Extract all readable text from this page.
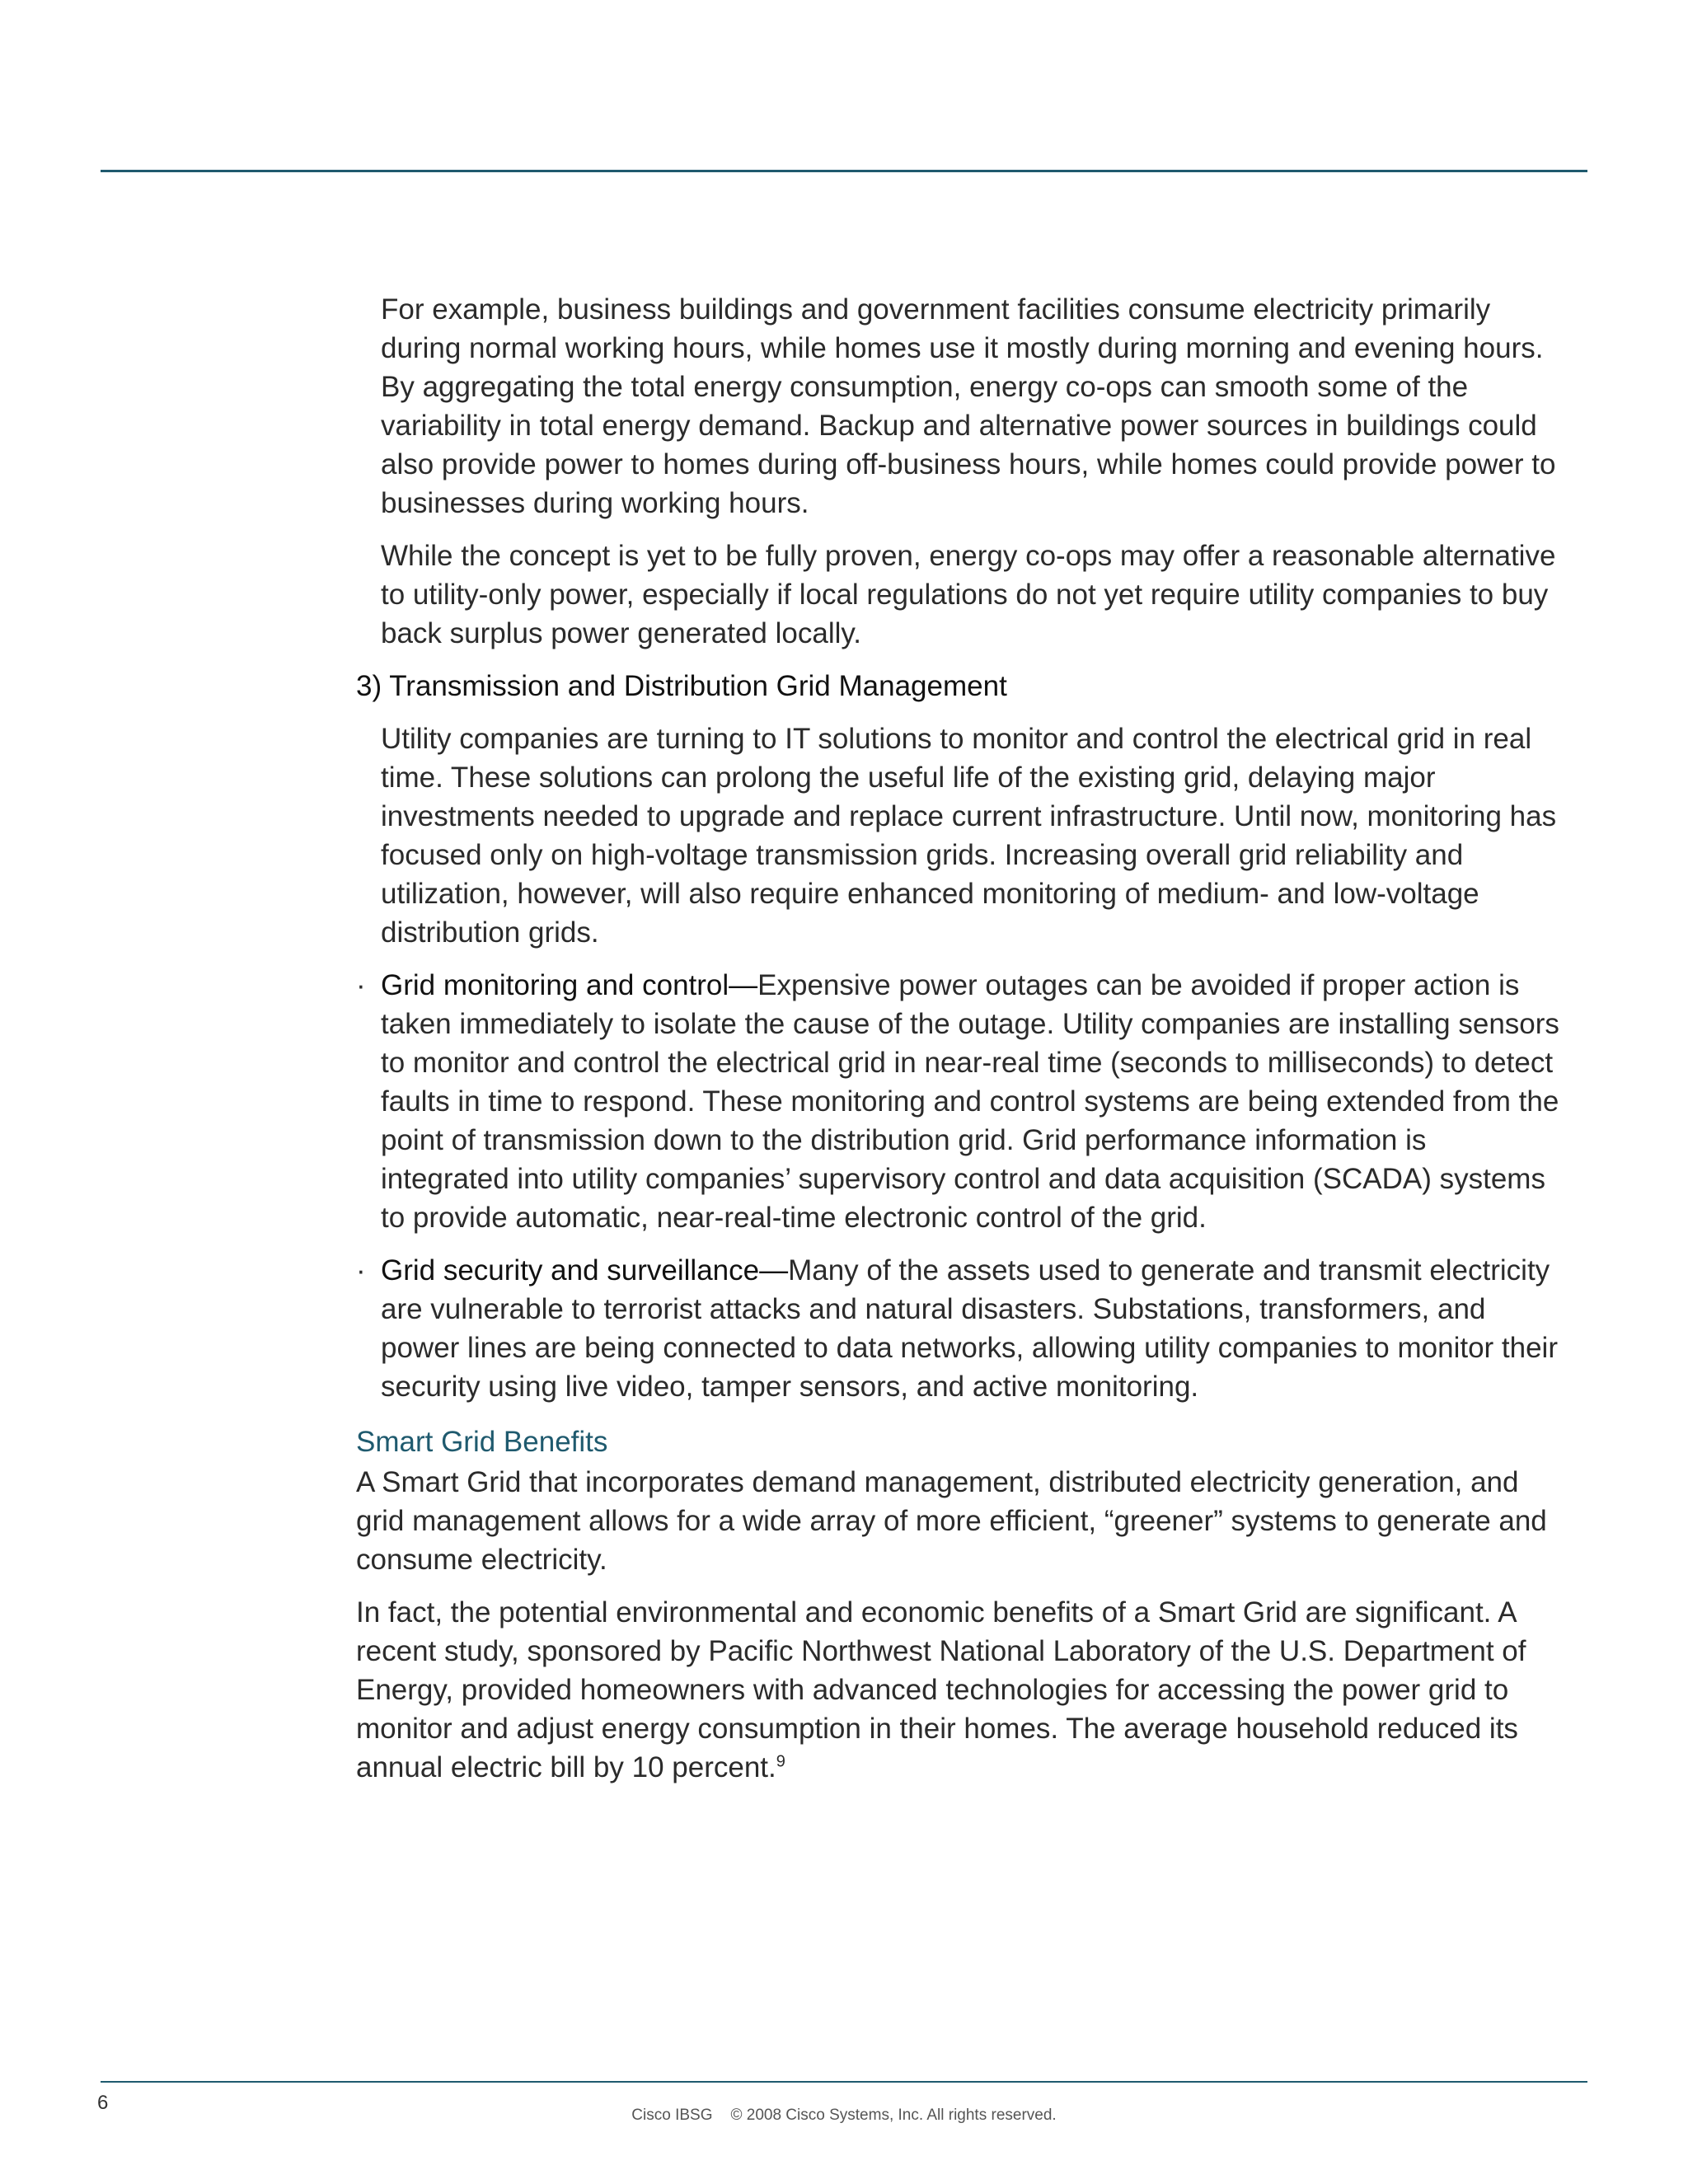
For example, business buildings and government facilities consume electricity primarily during normal working hours, while homes use it mostly during morning and evening hours. By aggregating the total energy consumption, energy co-ops can smooth some of the variability in total energy demand. Backup and alternative power sources in buildings could also provide power to homes during off-business hours, while homes could provide power to businesses during working hours.

While the concept is yet to be fully proven, energy co-ops may offer a reasonable alternative to utility-only power, especially if local regulations do not yet require utility companies to buy back surplus power generated locally.

3) Transmission and Distribution Grid Management

Utility companies are turning to IT solutions to monitor and control the electrical grid in real time. These solutions can prolong the useful life of the existing grid, delaying major investments needed to upgrade and replace current infrastructure. Until now, monitoring has focused only on high-voltage transmission grids. Increasing overall grid reliability and utilization, however, will also require enhanced monitoring of medium- and low-voltage distribution grids.

· Grid monitoring and control—Expensive power outages can be avoided if proper action is taken immediately to isolate the cause of the outage. Utility companies are installing sensors to monitor and control the electrical grid in near-real time (seconds to milliseconds) to detect faults in time to respond. These monitoring and control systems are being extended from the point of transmission down to the distribution grid. Grid performance information is integrated into utility companies’ supervisory control and data acquisition (SCADA) systems to provide automatic, near-real-time electronic control of the grid.

· Grid security and surveillance—Many of the assets used to generate and transmit electricity are vulnerable to terrorist attacks and natural disasters. Substations, transformers, and power lines are being connected to data networks, allowing utility companies to monitor their security using live video, tamper sensors, and active monitoring.

Smart Grid Benefits

A Smart Grid that incorporates demand management, distributed electricity generation, and grid management allows for a wide array of more efficient, “greener” systems to generate and consume electricity.

In fact, the potential environmental and economic benefits of a Smart Grid are significant. A recent study, sponsored by Pacific Northwest National Laboratory of the U.S. Department of Energy, provided homeowners with advanced technologies for accessing the power grid to monitor and adjust energy consumption in their homes. The average household reduced its annual electric bill by 10 percent.$^9$

6
Cisco IBSG © 2008 Cisco Systems, Inc. All rights reserved.
